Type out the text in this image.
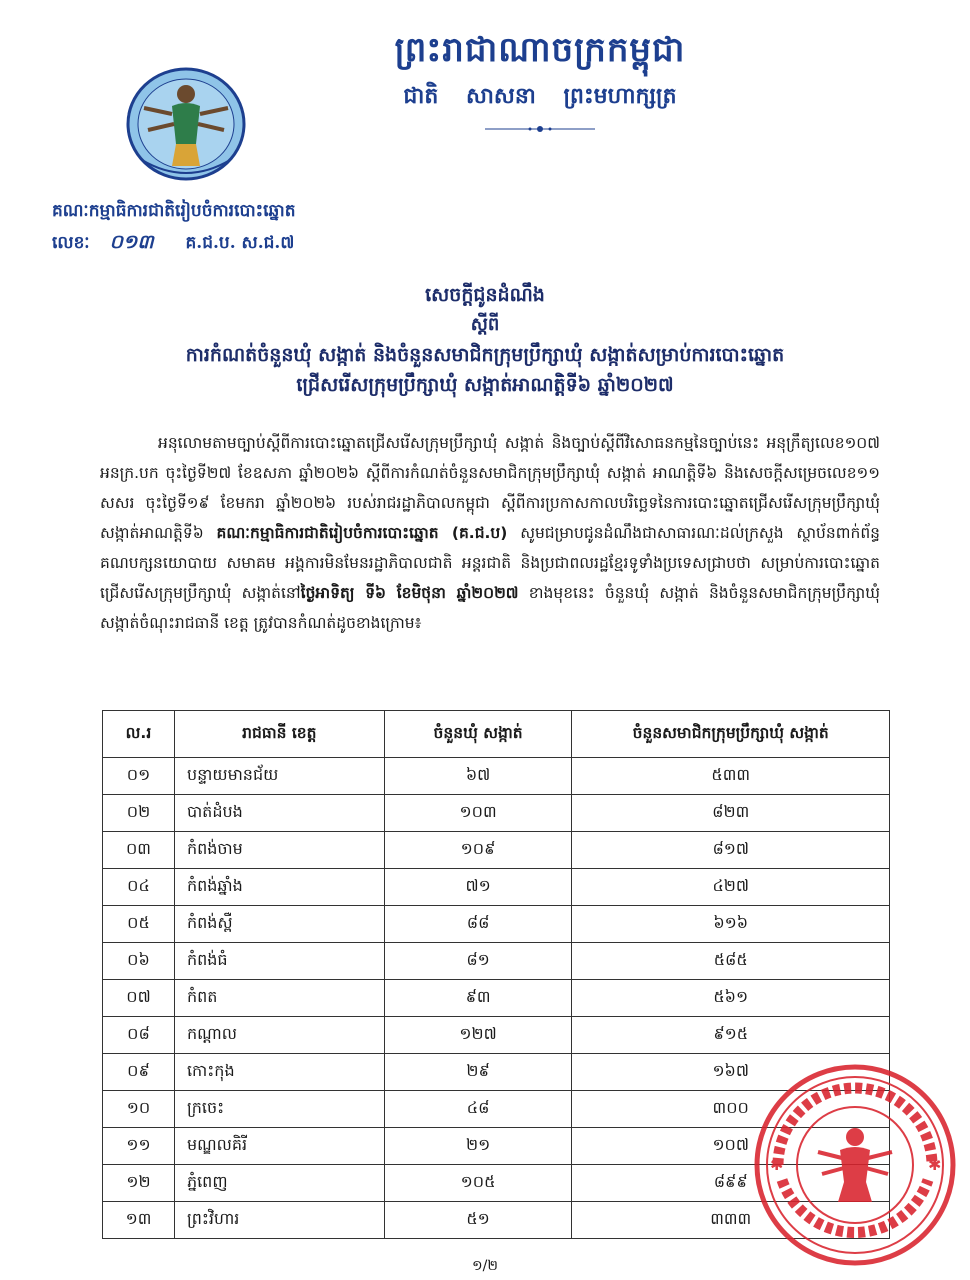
ព្រះរាជាណាចក្រកម្ពុជា
ជាតិ សាសនា ព្រះមហាក្សត្រ
គណៈកម្មាធិការជាតិរៀបចំការបោះឆ្នោត
លេខៈ ០១៣ គ.ជ.ប. ស.ជ.៧
សេចក្តីជូនដំណឹង
ស្តីពី
ការកំណត់ចំនួនឃុំ សង្កាត់ និងចំនួនសមាជិកក្រុមប្រឹក្សាឃុំ សង្កាត់សម្រាប់ការបោះឆ្នោត
ជ្រើសរើសក្រុមប្រឹក្សាឃុំ សង្កាត់អាណត្តិទី៦ ឆ្នាំ២០២៧

អនុលោមតាមច្បាប់ស្តីពីការបោះឆ្នោតជ្រើសរើសក្រុមប្រឹក្សាឃុំ សង្កាត់ និងច្បាប់ស្តីពីវិសោធនកម្មនៃច្បាប់នេះ អនុក្រឹត្យលេខ១០៧ អនក្រ.បក ចុះថ្ងៃទី២៧ ខែឧសភា ឆ្នាំ២០២៦ ស្តីពីការកំណត់ចំនួនសមាជិកក្រុមប្រឹក្សាឃុំ សង្កាត់ អាណត្តិទី៦ និងសេចក្តីសម្រេចលេខ១១ សសរ ចុះថ្ងៃទី១៩ ខែមករា ឆ្នាំ២០២៦ របស់រាជរដ្ឋាភិបាលកម្ពុជា ស្តីពីការប្រកាសកាលបរិច្ឆេទនៃការបោះឆ្នោតជ្រើសរើសក្រុមប្រឹក្សាឃុំ សង្កាត់អាណត្តិទី៦ គណៈកម្មាធិការជាតិរៀបចំការបោះឆ្នោត (គ.ជ.ប) សូមជម្រាបជូនដំណឹងជាសាធារណៈដល់ក្រសួង ស្ថាប័នពាក់ព័ន្ធ គណបក្សនយោបាយ សមាគម អង្គការមិនមែនរដ្ឋាភិបាលជាតិ អន្តរជាតិ និងប្រជាពលរដ្ឋខ្មែរទូទាំងប្រទេសជ្រាបថា សម្រាប់ការបោះឆ្នោតជ្រើសរើសក្រុមប្រឹក្សាឃុំ សង្កាត់នៅថ្ងៃអាទិត្យ ទី៦ ខែមិថុនា ឆ្នាំ២០២៧ ខាងមុខនេះ ចំនួនឃុំ សង្កាត់ និងចំនួនសមាជិកក្រុមប្រឹក្សាឃុំ សង្កាត់ចំណុះរាជធានី ខេត្ត ត្រូវបានកំណត់ដូចខាងក្រោម៖

ល.រ	រាជធានី ខេត្ត	ចំនួនឃុំ សង្កាត់	ចំនួនសមាជិកក្រុមប្រឹក្សាឃុំ សង្កាត់
០១	បន្ទាយមានជ័យ	៦៧	៥៣៣
០២	បាត់ដំបង	១០៣	៨២៣
០៣	កំពង់ចាម	១០៩	៨១៧
០៤	កំពង់ឆ្នាំង	៧១	៤២៧
០៥	កំពង់ស្ពឺ	៨៨	៦១៦
០៦	កំពង់ធំ	៨១	៥៨៥
០៧	កំពត	៩៣	៥៦១
០៨	កណ្តាល	១២៧	៩១៥
០៩	កោះកុង	២៩	១៦៧
១០	ក្រចេះ	៤៨	៣០០
១១	មណ្ឌលគិរី	២១	១០៧
១២	ភ្នំពេញ	១០៥	៨៩៩
១៣	ព្រះវិហារ	៥១	៣៣៣
១/២
✱	✱
